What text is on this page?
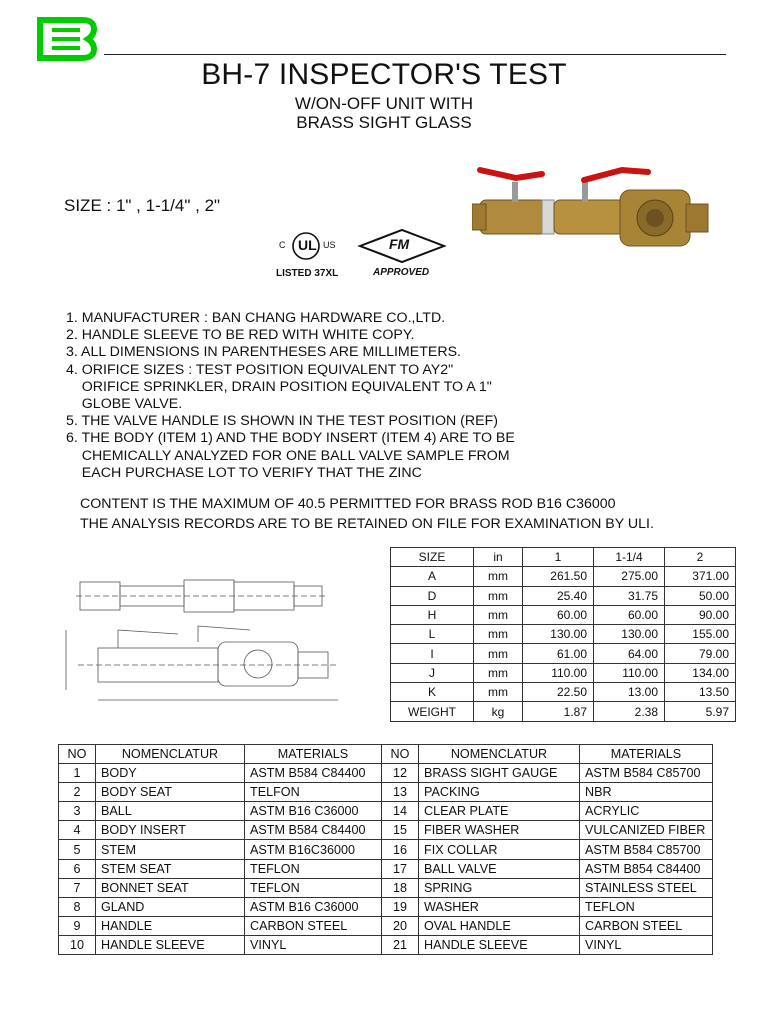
BH-7 INSPECTOR'S TEST
W/ON-OFF UNIT WITH
BRASS SIGHT GLASS
SIZE : 1" , 1-1/4" , 2"
C UL US
LISTED 37XL
FM
APPROVED
1. MANUFACTURER : BAN CHANG HARDWARE CO.,LTD.
2. HANDLE SLEEVE TO BE RED WITH WHITE COPY.
3. ALL DIMENSIONS IN PARENTHESES ARE MILLIMETERS.
4. ORIFICE SIZES : TEST POSITION EQUIVALENT TO AY2"
ORIFICE SPRINKLER, DRAIN POSITION EQUIVALENT TO A 1"
GLOBE VALVE.
5. THE VALVE HANDLE IS SHOWN IN THE TEST POSITION (REF)
6. THE BODY (ITEM 1) AND THE BODY INSERT (ITEM 4) ARE TO BE
CHEMICALLY ANALYZED FOR ONE BALL VALVE SAMPLE FROM
EACH PURCHASE LOT TO VERIFY THAT THE ZINC
CONTENT IS THE MAXIMUM OF 40.5 PERMITTED FOR BRASS ROD B16 C36000
THE ANALYSIS RECORDS ARE TO BE RETAINED ON FILE FOR EXAMINATION BY ULI.
SIZE	in	1	1-1/4	2
A	mm	261.50	275.00	371.00
D	mm	25.40	31.75	50.00
H	mm	60.00	60.00	90.00
L	mm	130.00	130.00	155.00
I	mm	61.00	64.00	79.00
J	mm	110.00	110.00	134.00
K	mm	22.50	13.00	13.50
WEIGHT	kg	1.87	2.38	5.97
NO	NOMENCLATUR	MATERIALS	NO	NOMENCLATUR	MATERIALS
1	BODY	ASTM B584 C84400	12	BRASS SIGHT GAUGE	ASTM B584 C85700
2	BODY SEAT	TELFON	13	PACKING	NBR
3	BALL	ASTM B16 C36000	14	CLEAR PLATE	ACRYLIC
4	BODY INSERT	ASTM B584 C84400	15	FIBER WASHER	VULCANIZED FIBER
5	STEM	ASTM B16C36000	16	FIX COLLAR	ASTM B584 C85700
6	STEM SEAT	TEFLON	17	BALL VALVE	ASTM B854 C84400
7	BONNET SEAT	TEFLON	18	SPRING	STAINLESS STEEL
8	GLAND	ASTM B16 C36000	19	WASHER	TEFLON
9	HANDLE	CARBON STEEL	20	OVAL HANDLE	CARBON STEEL
10	HANDLE SLEEVE	VINYL	21	HANDLE SLEEVE	VINYL
